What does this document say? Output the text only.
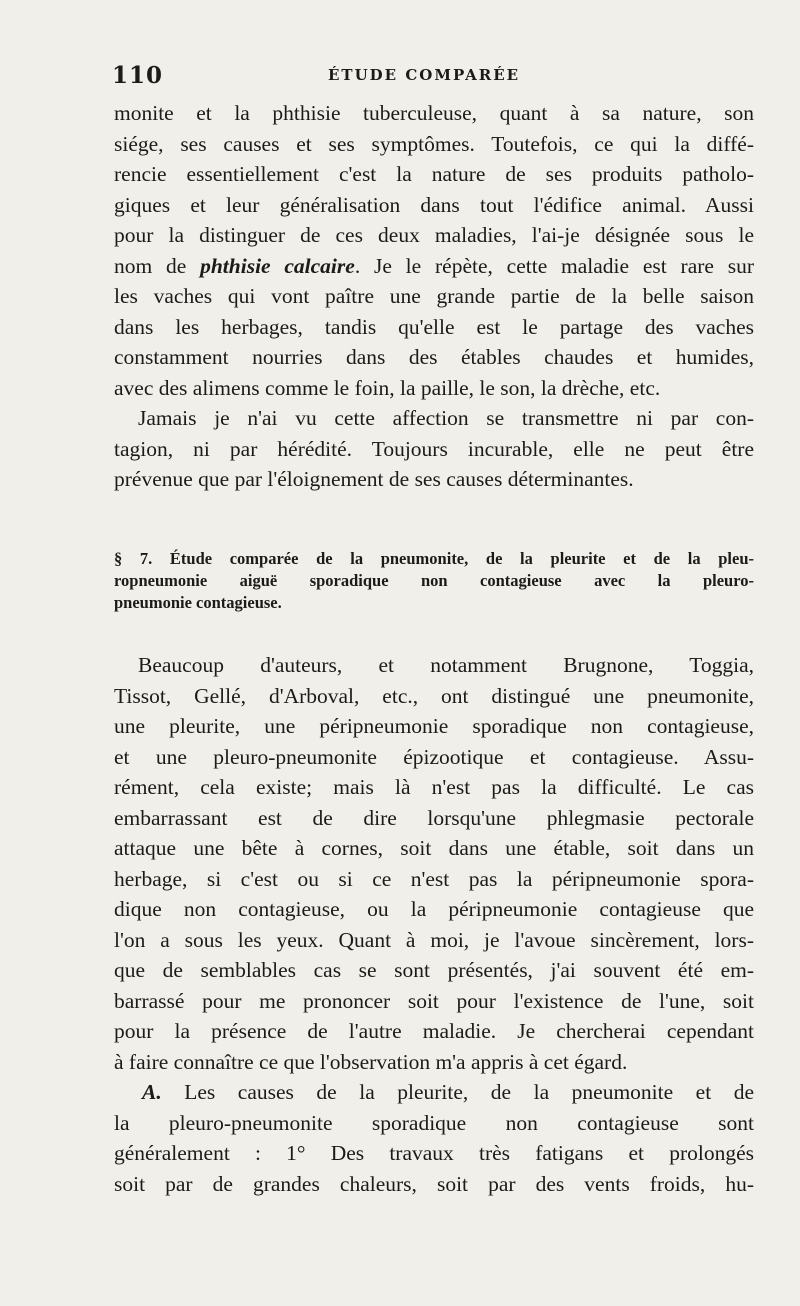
110	ÉTUDE COMPARÉE
monite et la phthisie tuberculeuse, quant à sa nature, son
siége, ses causes et ses symptômes. Toutefois, ce qui la diffé-
rencie essentiellement c'est la nature de ses produits patholo-
giques et leur généralisation dans tout l'édifice animal. Aussi
pour la distinguer de ces deux maladies, l'ai-je désignée sous le
nom de phthisie calcaire. Je le répète, cette maladie est rare sur
les vaches qui vont paître une grande partie de la belle saison
dans les herbages, tandis qu'elle est le partage des vaches
constamment nourries dans des étables chaudes et humides,
avec des alimens comme le foin, la paille, le son, la drèche, etc.
Jamais je n'ai vu cette affection se transmettre ni par con-
tagion, ni par hérédité. Toujours incurable, elle ne peut être
prévenue que par l'éloignement de ses causes déterminantes.
§ 7. Étude comparée de la pneumonite, de la pleurite et de la pleu-
ropneumonie aiguë sporadique non contagieuse avec la pleuro-
pneumonie contagieuse.
Beaucoup d'auteurs, et notamment Brugnone, Toggia,
Tissot, Gellé, d'Arboval, etc., ont distingué une pneumonite,
une pleurite, une péripneumonie sporadique non contagieuse,
et une pleuro-pneumonite épizootique et contagieuse. Assu-
rément, cela existe; mais là n'est pas la difficulté. Le cas
embarrassant est de dire lorsqu'une phlegmasie pectorale
attaque une bête à cornes, soit dans une étable, soit dans un
herbage, si c'est ou si ce n'est pas la péripneumonie spora-
dique non contagieuse, ou la péripneumonie contagieuse que
l'on a sous les yeux. Quant à moi, je l'avoue sincèrement, lors-
que de semblables cas se sont présentés, j'ai souvent été em-
barrassé pour me prononcer soit pour l'existence de l'une, soit
pour la présence de l'autre maladie. Je chercherai cependant
à faire connaître ce que l'observation m'a appris à cet égard.
A. Les causes de la pleurite, de la pneumonite et de
la pleuro-pneumonite sporadique non contagieuse sont
généralement : 1° Des travaux très fatigans et prolongés
soit par de grandes chaleurs, soit par des vents froids, hu-
